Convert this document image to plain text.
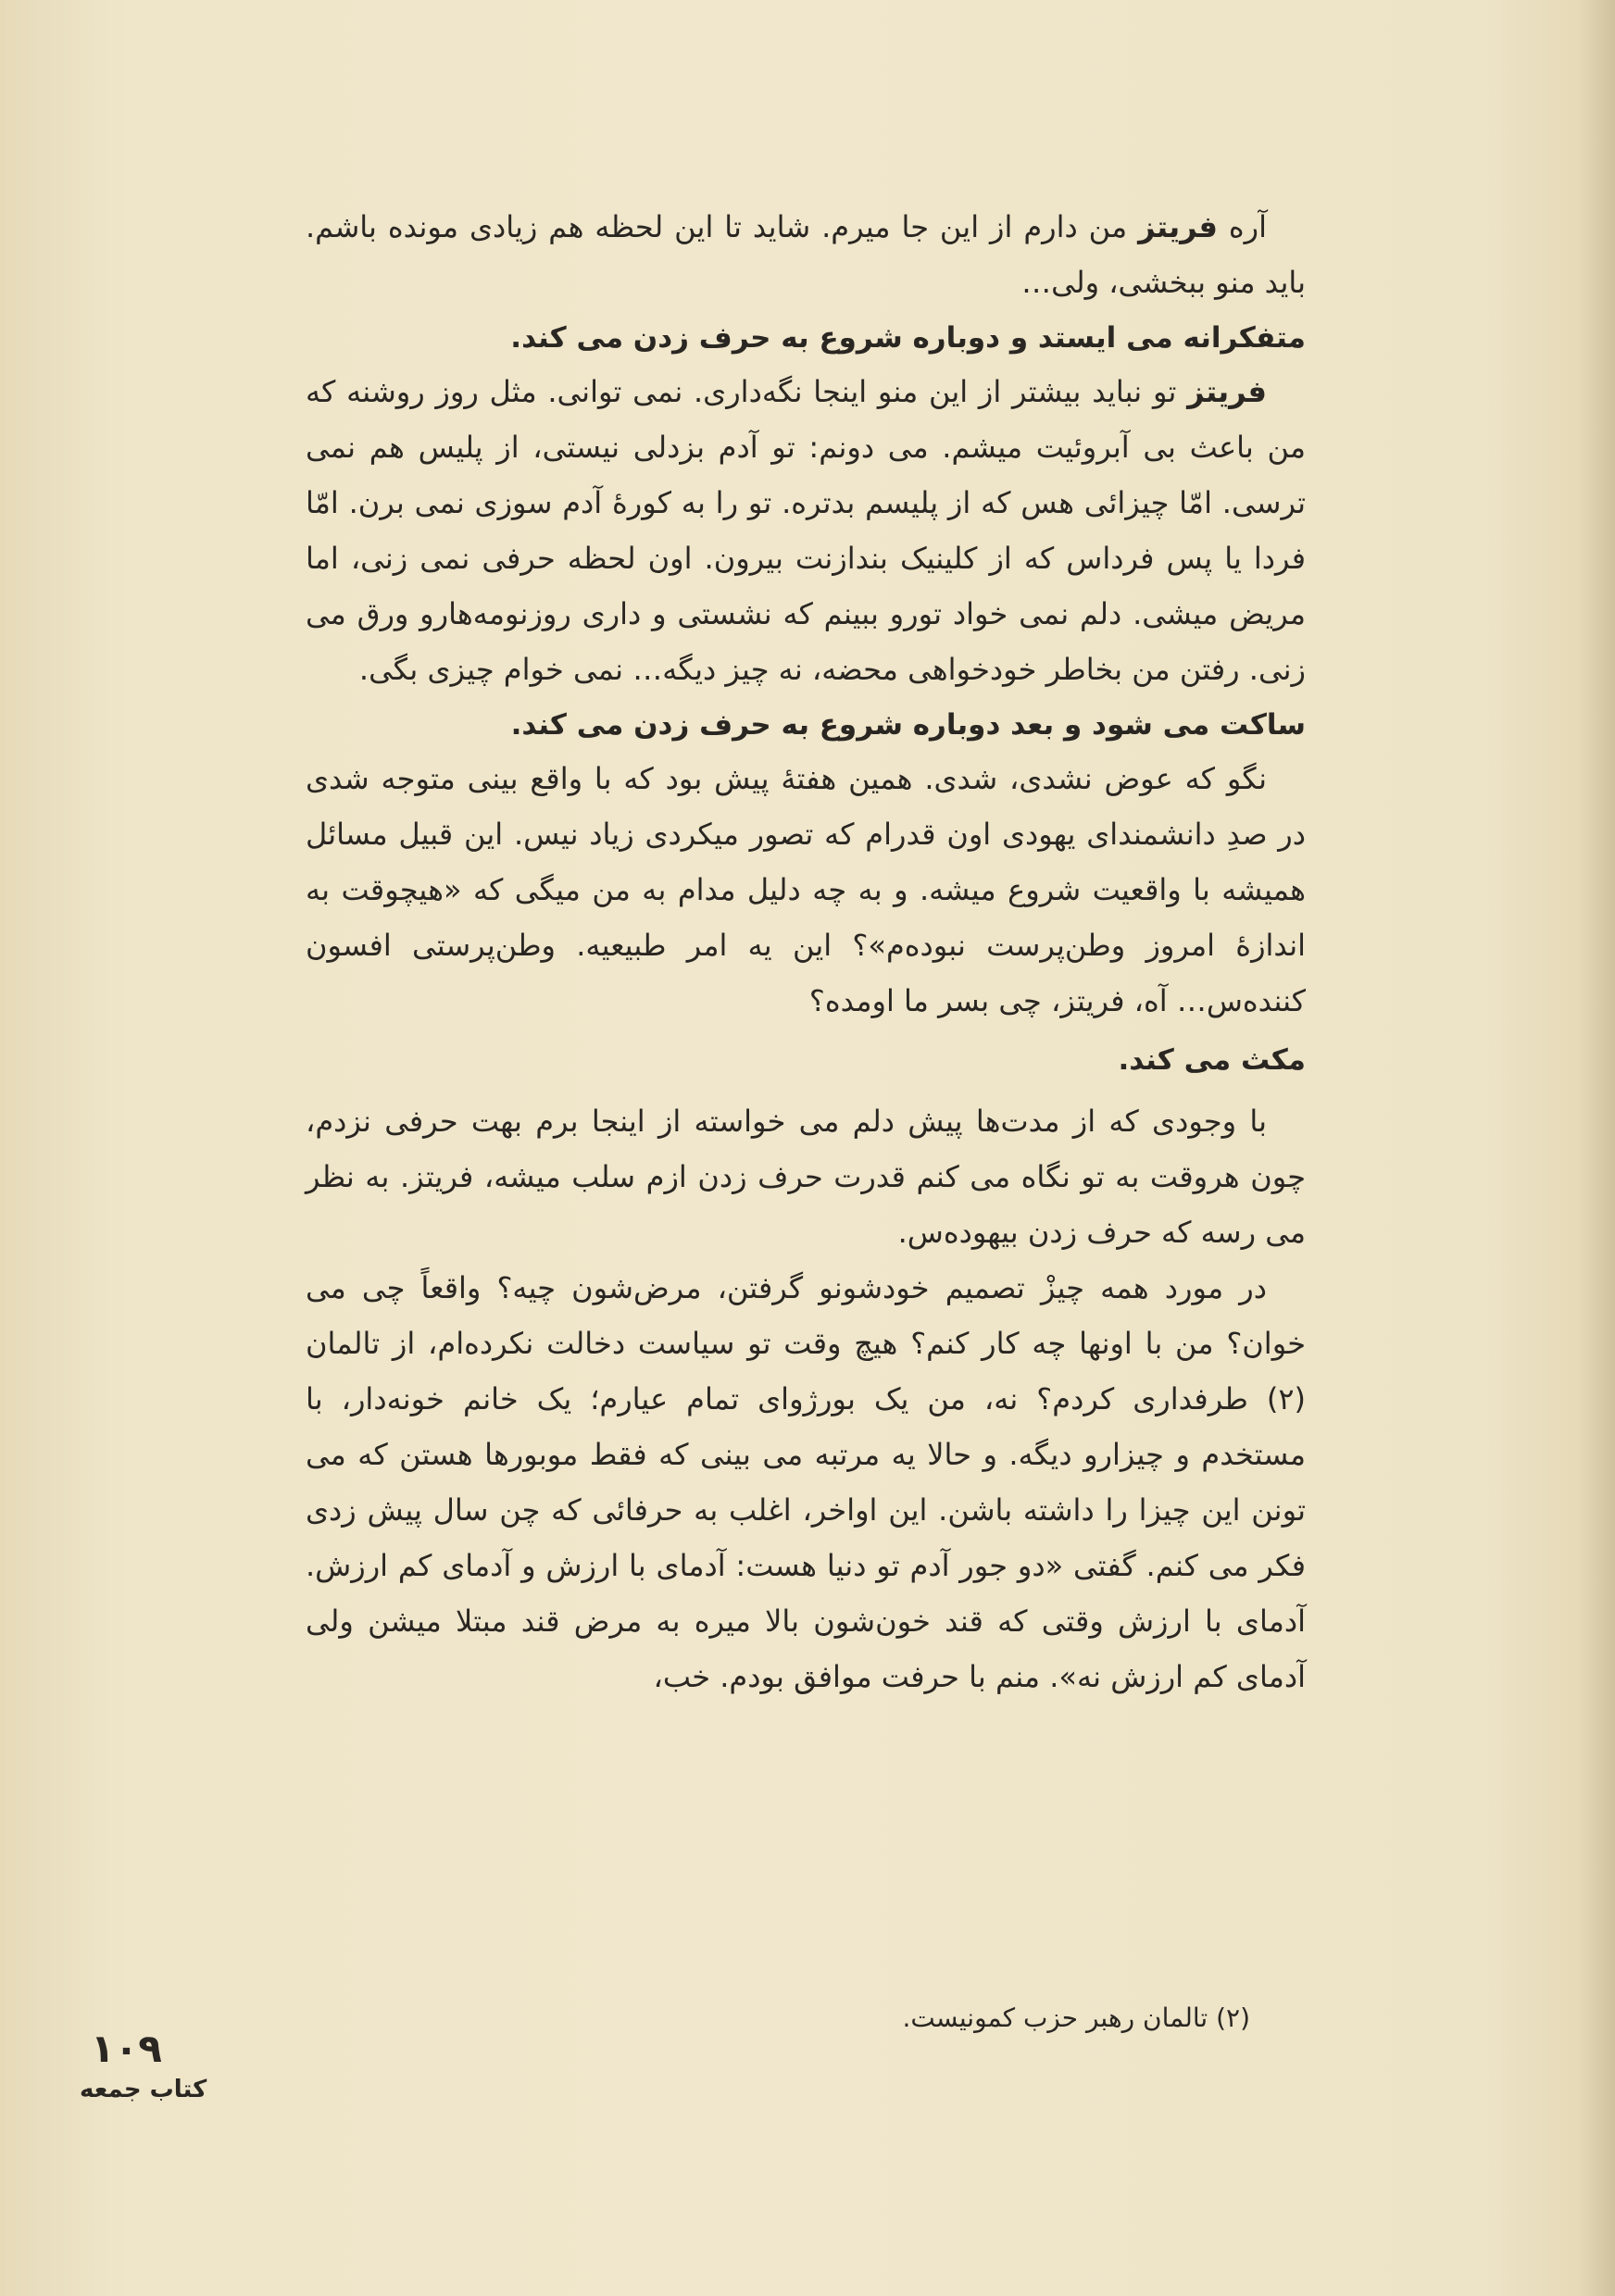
آره فریتز من دارم از این جا میرم. شاید تا این لحظه هم زیادی مونده باشم. باید منو ببخشی، ولی…

متفکرانه می ایستد و دوباره شروع به حرف زدن می کند.

فریتز تو نباید بیشتر از این منو اینجا نگه‌داری. نمی توانی. مثل روز روشنه که من باعث بی آبروئیت میشم. می دونم: تو آدم بزدلی نیستی، از پلیس هم نمی ترسی. امّا چیزائی هس که از پلیسم بدتره. تو را به کورهٔ آدم سوزی نمی برن. امّا فردا یا پس فرداس که از کلینیک بندازنت بیرون. اون لحظه حرفی نمی زنی، اما مریض میشی. دلم نمی خواد تورو ببینم که نشستی و داری روزنومه‌هارو ورق می زنی. رفتن من بخاطر خودخواهی محضه، نه چیز دیگه… نمی خوام چیزی بگی.

ساکت می شود و بعد دوباره شروع به حرف زدن می کند.

نگو که عوض نشدی، شدی. همین هفتهٔ پیش بود که با واقع بینی متوجه شدی در صدِ دانشمندای یهودی اون قدرام که تصور میکردی زیاد نیس. این قبیل مسائل همیشه با واقعیت شروع میشه. و به چه دلیل مدام به من میگی که «هیچوقت به اندازهٔ امروز وطن‌پرست نبوده‌م»؟ این یه امر طبیعیه. وطن‌پرستی افسون کننده‌س… آه، فریتز، چی بسر ما اومده؟

مکث می کند.

با وجودی که از مدت‌ها پیش دلم می خواسته از اینجا برم بهت حرفی نزدم، چون هروقت به تو نگاه می کنم قدرت حرف زدن ازم سلب میشه، فریتز. به نظر می رسه که حرف زدن بیهوده‌س.

در مورد همه چیزْ تصمیم خودشونو گرفتن، مرض‌شون چیه؟ واقعاً چی می خوان؟ من با اونها چه کار کنم؟ هیچ وقت تو سیاست دخالت نکرده‌ام، از تالمان (۲) طرفداری کردم؟ نه، من یک بورژوای تمام عیارم؛ یک خانم خونه‌دار، با مستخدم و چیزارو دیگه. و حالا یه مرتبه می بینی که فقط موبورها هستن که می تونن این چیزا را داشته باشن. این اواخر، اغلب به حرفائی که چن سال پیش زدی فکر می کنم. گفتی «دو جور آدم تو دنیا هست: آدمای با ارزش و آدمای کم ارزش. آدمای با ارزش وقتی که قند خون‌شون بالا میره به مرض قند مبتلا میشن ولی آدمای کم ارزش نه». منم با حرفت موافق بودم. خب،

(۲) تالمان رهبر حزب کمونیست.
۱۰۹
کتاب جمعه
